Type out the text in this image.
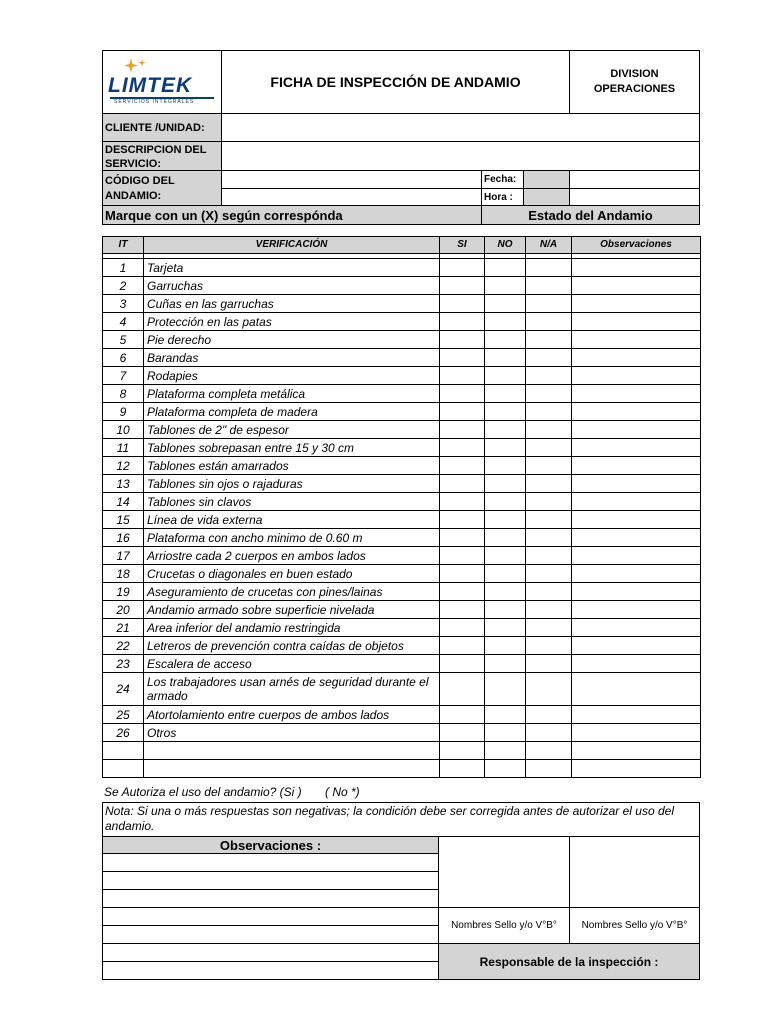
LIMTEK
SERVICIOS INTEGRALES
FICHA DE INSPECCIÓN DE ANDAMIO	DIVISION
OPERACIONES
CLIENTE /UNIDAD:
DESCRIPCION DEL
SERVICIO:
CÓDIGO DEL
ANDAMIO:
Fecha:
Hora :
Marque con un (X) según correspónda	Estado del Andamio
IT	VERIFICACIÓN	SI	NO	N/A	Observaciones

1	Tarjeta				
2	Garruchas				
3	Cuñas en las garruchas				
4	Protección en las patas				
5	Pie derecho				
6	Barandas				
7	Rodapies				
8	Plataforma completa metálica				
9	Plataforma completa de madera				
10	Tablones de 2" de espesor				
11	Tablones sobrepasan entre 15 y 30 cm				
12	Tablones están amarrados				
13	Tablones sin ojos o rajaduras				
14	Tablones sin clavos				
15	Línea de vida externa				
16	Plataforma con ancho minimo de 0.60 m				
17	Arriostre cada 2 cuerpos en ambos lados				
18	Crucetas o diagonales en buen estado				
19	Aseguramiento de crucetas con pines/lainas				
20	Andamio armado sobre superficie nivelada				
21	Area inferior del andamio restringida				
22	Letreros de prevención contra caídas de objetos				
23	Escalera de acceso				
24	Los trabajadores usan arnés de seguridad durante el armado				
25	Atortolamiento entre cuerpos de ambos lados				
26	Otros				

Se Autoriza el uso del andamio? (Si )       ( No *)
Nota: Si una o más respuestas son negativas; la condición debe ser corregida antes de autorizar el uso del andamio.
Observaciones :
Nombres Sello y/o V°B°	Nombres Sello y/o V°B°
Responsable de la inspección :
